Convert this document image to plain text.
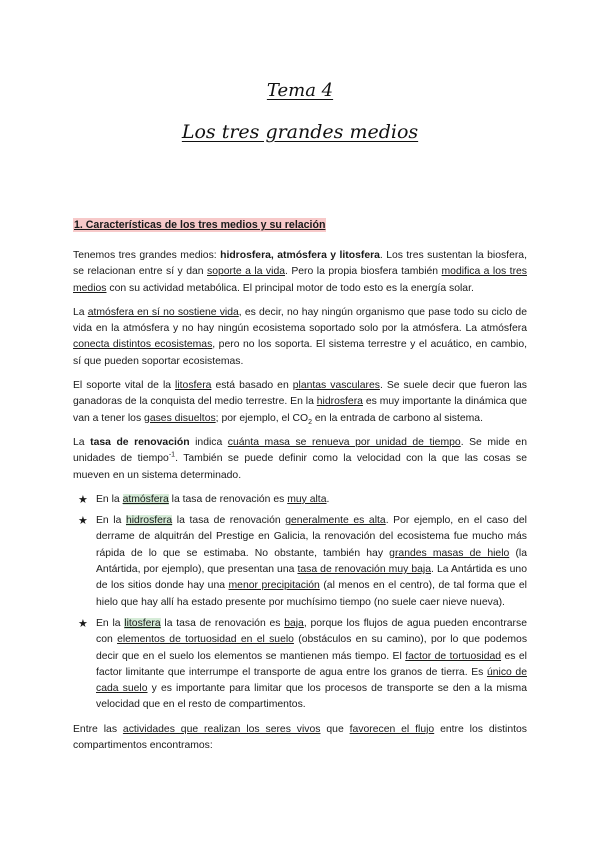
Tema 4
Los tres grandes medios
1. Características de los tres medios y su relación

Tenemos tres grandes medios: hidrosfera, atmósfera y litosfera. Los tres sustentan la biosfera, se relacionan entre sí y dan soporte a la vida. Pero la propia biosfera también modifica a los tres medios con su actividad metabólica. El principal motor de todo esto es la energía solar.

La atmósfera en sí no sostiene vida, es decir, no hay ningún organismo que pase todo su ciclo de vida en la atmósfera y no hay ningún ecosistema soportado solo por la atmósfera. La atmósfera conecta distintos ecosistemas, pero no los soporta. El sistema terrestre y el acuático, en cambio, sí que pueden soportar ecosistemas.

El soporte vital de la litosfera está basado en plantas vasculares. Se suele decir que fueron las ganadoras de la conquista del medio terrestre. En la hidrosfera es muy importante la dinámica que van a tener los gases disueltos; por ejemplo, el $CO_2$ en la entrada de carbono al sistema.

La tasa de renovación indica cuánta masa se renueva por unidad de tiempo. Se mide en unidades de tiempo$^{-1}$. También se puede definir como la velocidad con la que las cosas se mueven en un sistema determinado.

★ En la atmósfera la tasa de renovación es muy alta.
★ En la hidrosfera la tasa de renovación generalmente es alta. Por ejemplo, en el caso del derrame de alquitrán del Prestige en Galicia, la renovación del ecosistema fue mucho más rápida de lo que se estimaba. No obstante, también hay grandes masas de hielo (la Antártida, por ejemplo), que presentan una tasa de renovación muy baja. La Antártida es uno de los sitios donde hay una menor precipitación (al menos en el centro), de tal forma que el hielo que hay allí ha estado presente por muchísimo tiempo (no suele caer nieve nueva).
★ En la litosfera la tasa de renovación es baja, porque los flujos de agua pueden encontrarse con elementos de tortuosidad en el suelo (obstáculos en su camino), por lo que podemos decir que en el suelo los elementos se mantienen más tiempo. El factor de tortuosidad es el factor limitante que interrumpe el transporte de agua entre los granos de tierra. Es único de cada suelo y es importante para limitar que los procesos de transporte se den a la misma velocidad que en el resto de compartimentos.

Entre las actividades que realizan los seres vivos que favorecen el flujo entre los distintos compartimentos encontramos:
